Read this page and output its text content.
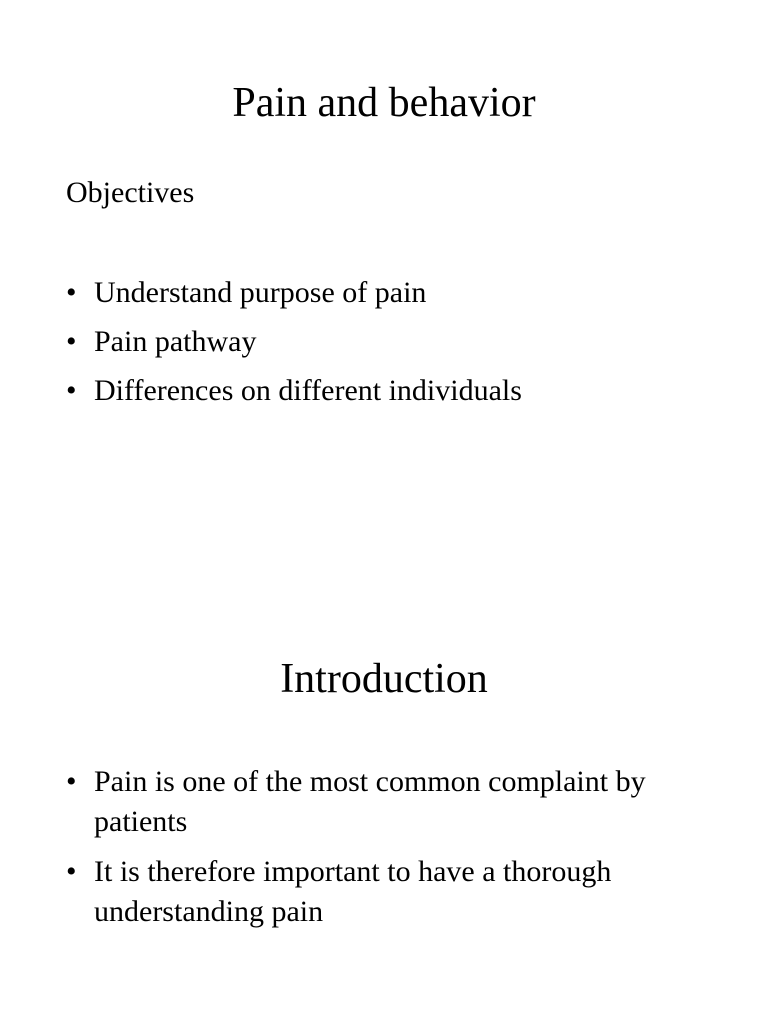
Pain and behavior

Objectives

• Understand purpose of pain
• Pain pathway
• Differences on different individuals
Introduction
• Pain is one of the most common complaint by patients
• It is therefore important to have a thorough understanding pain
